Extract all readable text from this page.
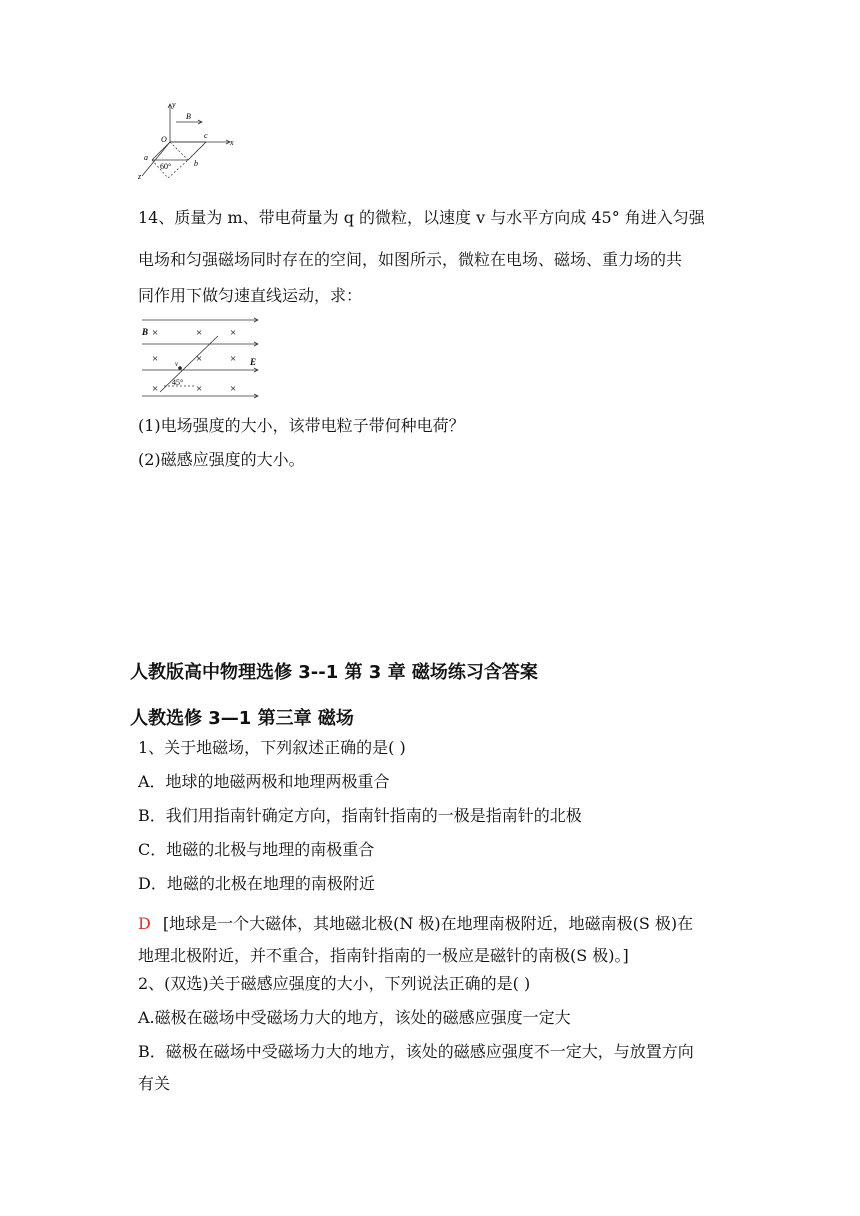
y
B
O	c
x
a
60°	b
z
14、质量为 m、带电荷量为 q 的微粒，以速度 v 与水平方向成 45° 角进入匀强
电场和匀强磁场同时存在的空间，如图所示，微粒在电场、磁场、重力场的共
同作用下做匀速直线运动，求：
B
E
v
45°
×	×	×
×	×	×
×	×	×
(1)电场强度的大小，该带电粒子带何种电荷？
(2)磁感应强度的大小。
人教版高中物理选修 3--1 第 3 章 磁场练习含答案
人教选修 3—1 第三章 磁场
1、关于地磁场，下列叙述正确的是( )
A．地球的地磁两极和地理两极重合
B．我们用指南针确定方向，指南针指南的一极是指南针的北极
C．地磁的北极与地理的南极重合
D．地磁的北极在地理的南极附近
D [地球是一个大磁体，其地磁北极(N 极)在地理南极附近，地磁南极(S 极)在
地理北极附近，并不重合，指南针指南的一极应是磁针的南极(S 极)。]
2、(双选)关于磁感应强度的大小，下列说法正确的是( )
A.磁极在磁场中受磁场力大的地方，该处的磁感应强度一定大
B．磁极在磁场中受磁场力大的地方，该处的磁感应强度不一定大，与放置方向
有关
